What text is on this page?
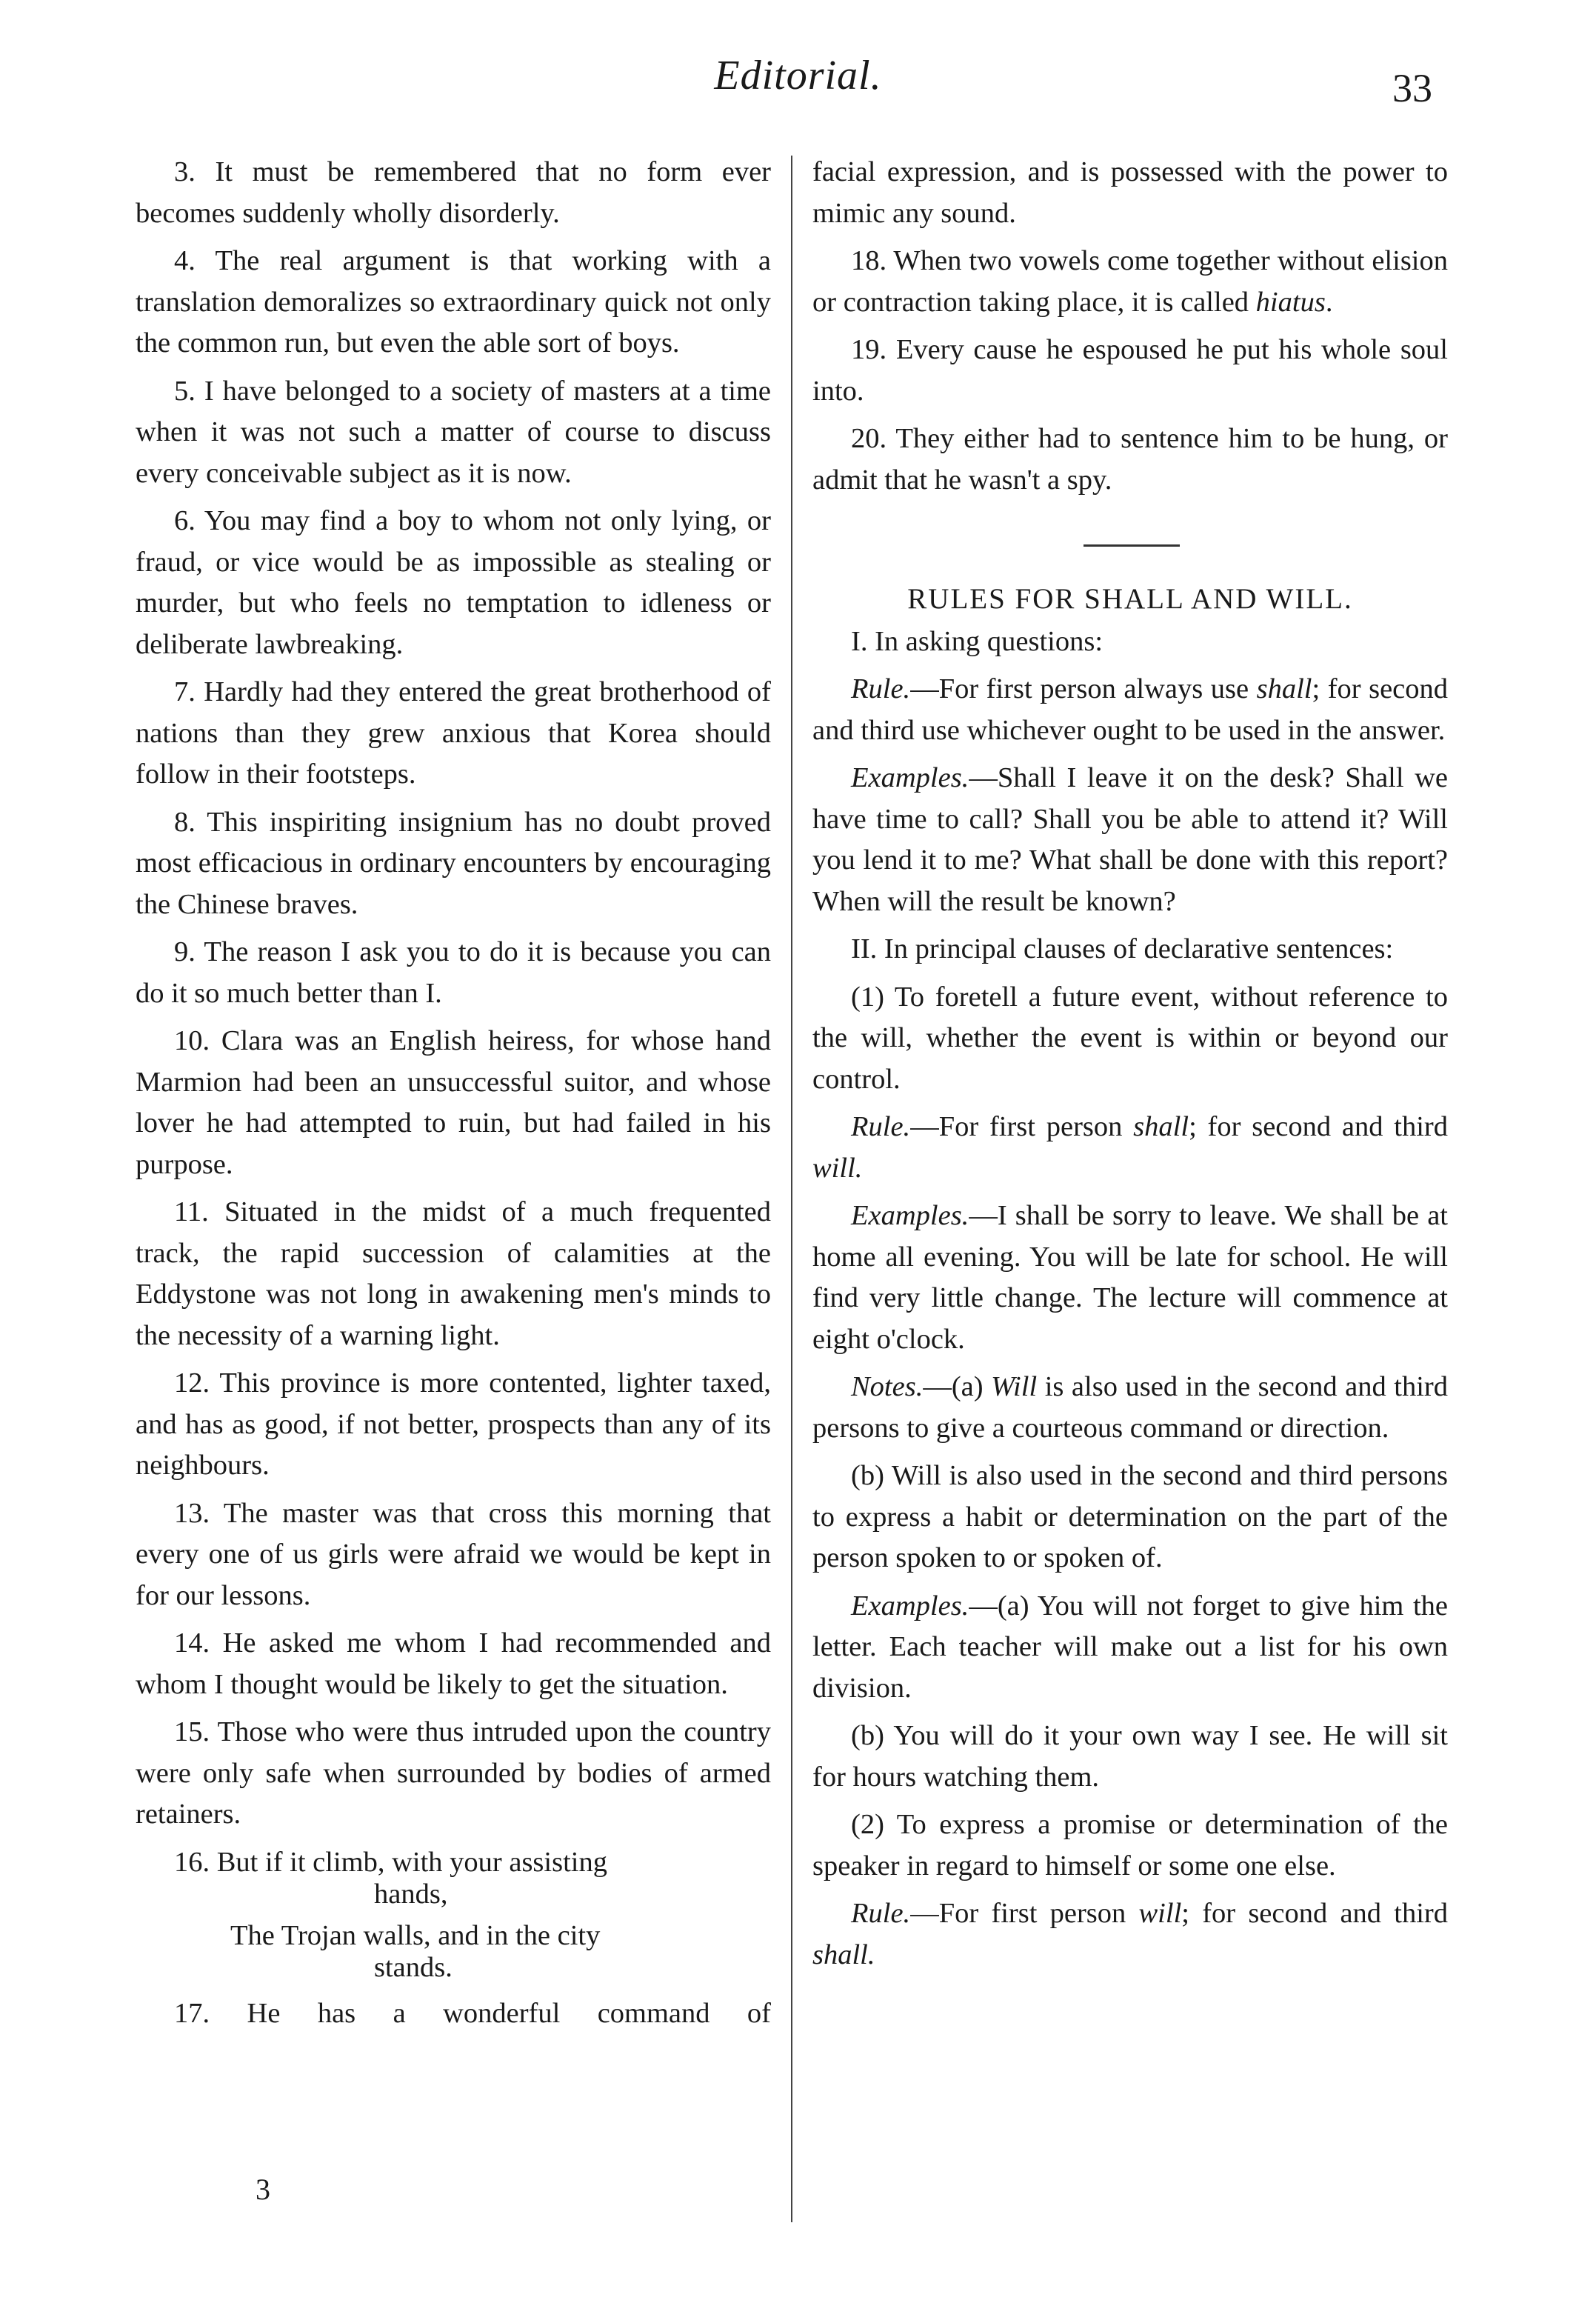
Editorial.	33

3. It must be remembered that no form ever becomes suddenly wholly disorderly.

4. The real argument is that working with a translation demoralizes so extraordinary quick not only the common run, but even the able sort of boys.

5. I have belonged to a society of masters at a time when it was not such a matter of course to discuss every conceivable subject as it is now.

6. You may find a boy to whom not only lying, or fraud, or vice would be as impossible as stealing or murder, but who feels no temptation to idleness or deliberate lawbreaking.

7. Hardly had they entered the great brotherhood of nations than they grew anxious that Korea should follow in their footsteps.

8. This inspiriting insignium has no doubt proved most efficacious in ordinary encounters by encouraging the Chinese braves.

9. The reason I ask you to do it is because you can do it so much better than I.

10. Clara was an English heiress, for whose hand Marmion had been an unsuccessful suitor, and whose lover he had attempted to ruin, but had failed in his purpose.

11. Situated in the midst of a much frequented track, the rapid succession of calamities at the Eddystone was not long in awakening men's minds to the necessity of a warning light.

12. This province is more contented, lighter taxed, and has as good, if not better, prospects than any of its neighbours.

13. The master was that cross this morning that every one of us girls were afraid we would be kept in for our lessons.

14. He asked me whom I had recommended and whom I thought would be likely to get the situation.

15. Those who were thus intruded upon the country were only safe when surrounded by bodies of armed retainers.

16. But if it climb, with your assisting

hands,

The Trojan walls, and in the city

stands.

17. He has a wonderful command of

3

facial expression, and is possessed with the power to mimic any sound.

18. When two vowels come together without elision or contraction taking place, it is called hiatus.

19. Every cause he espoused he put his whole soul into.

20. They either had to sentence him to be hung, or admit that he wasn't a spy.

RULES FOR SHALL AND WILL.

I. In asking questions:

Rule.—For first person always use shall; for second and third use whichever ought to be used in the answer.

Examples.—Shall I leave it on the desk? Shall we have time to call? Shall you be able to attend it? Will you lend it to me? What shall be done with this report? When will the result be known?

II. In principal clauses of declarative sentences:

(1) To foretell a future event, without reference to the will, whether the event is within or beyond our control.

Rule.—For first person shall; for second and third will.

Examples.—I shall be sorry to leave. We shall be at home all evening. You will be late for school. He will find very little change. The lecture will commence at eight o'clock.

Notes.—(a) Will is also used in the second and third persons to give a courteous command or direction.

(b) Will is also used in the second and third persons to express a habit or determination on the part of the person spoken to or spoken of.

Examples.—(a) You will not forget to give him the letter. Each teacher will make out a list for his own division.

(b) You will do it your own way I see. He will sit for hours watching them.

(2) To express a promise or determination of the speaker in regard to himself or some one else.

Rule.—For first person will; for second and third shall.
